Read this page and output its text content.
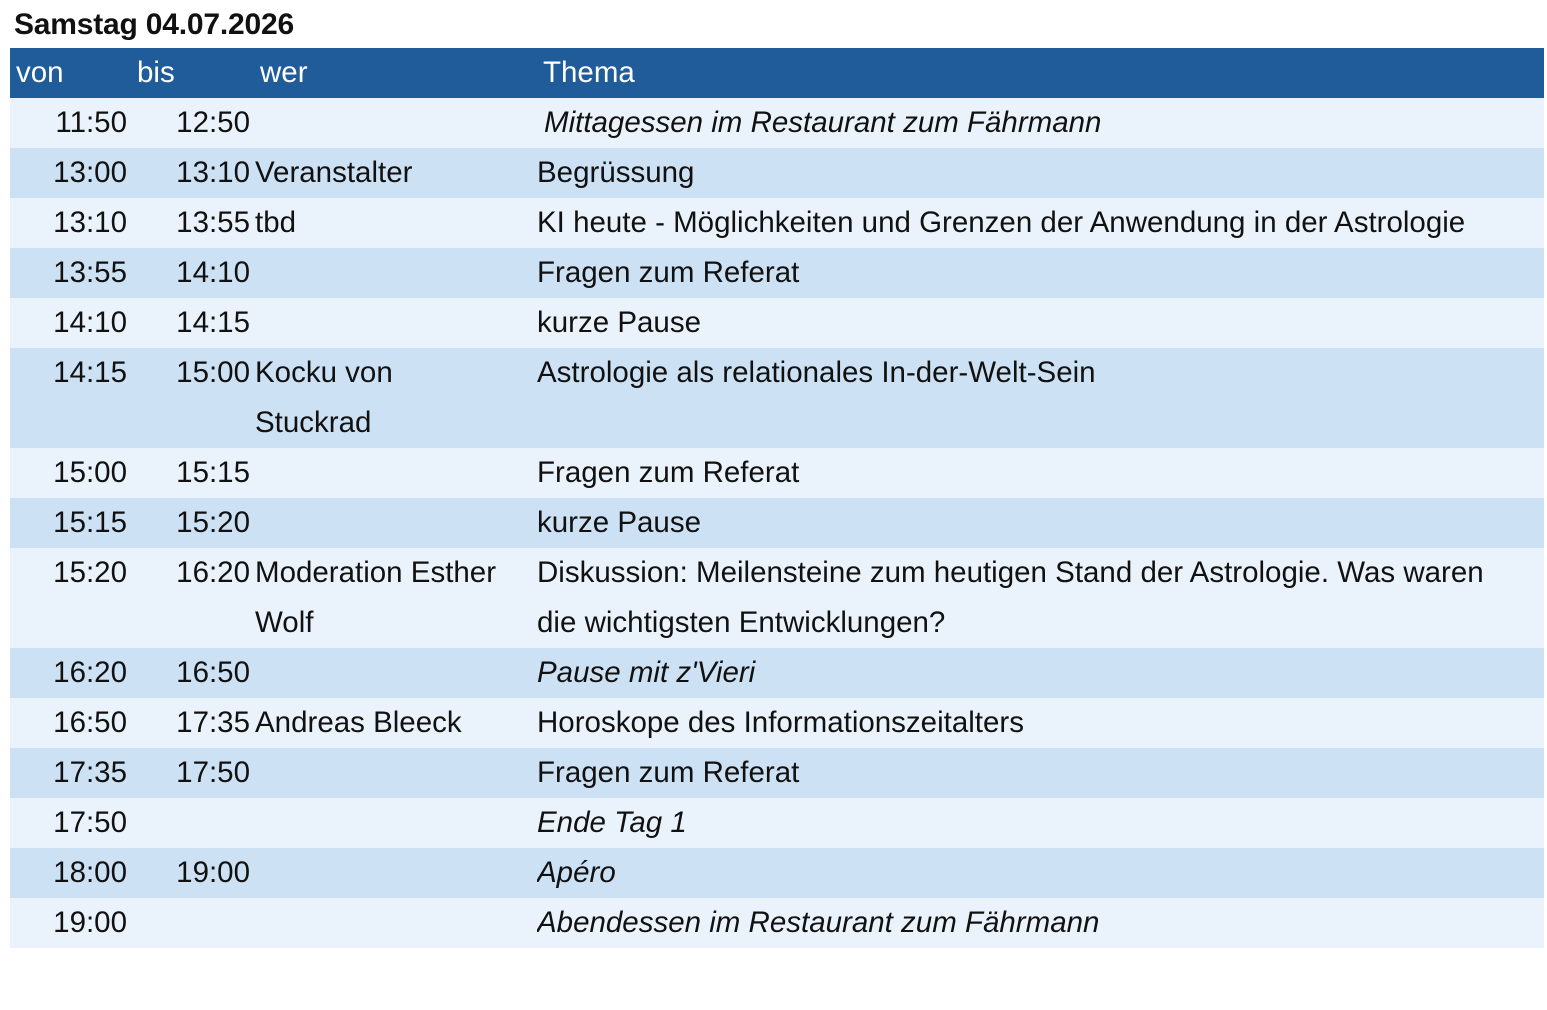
Samstag 04.07.2026
von	bis	wer	Thema
11:50	12:50		Mittagessen im Restaurant zum Fährmann
13:00	13:10	Veranstalter	Begrüssung
13:10	13:55	tbd	KI heute - Möglichkeiten und Grenzen der Anwendung in der Astrologie
13:55	14:10		Fragen zum Referat
14:10	14:15		kurze Pause
14:15	15:00	Kocku von Stuckrad	Astrologie als relationales In-der-Welt-Sein
15:00	15:15		Fragen zum Referat
15:15	15:20		kurze Pause
15:20	16:20	Moderation Esther Wolf	Diskussion: Meilensteine zum heutigen Stand der Astrologie. Was waren die wichtigsten Entwicklungen?
16:20	16:50		Pause mit z'Vieri
16:50	17:35	Andreas Bleeck	Horoskope des Informationszeitalters
17:35	17:50		Fragen zum Referat
17:50			Ende Tag 1
18:00	19:00		Apéro
19:00			Abendessen im Restaurant zum Fährmann
